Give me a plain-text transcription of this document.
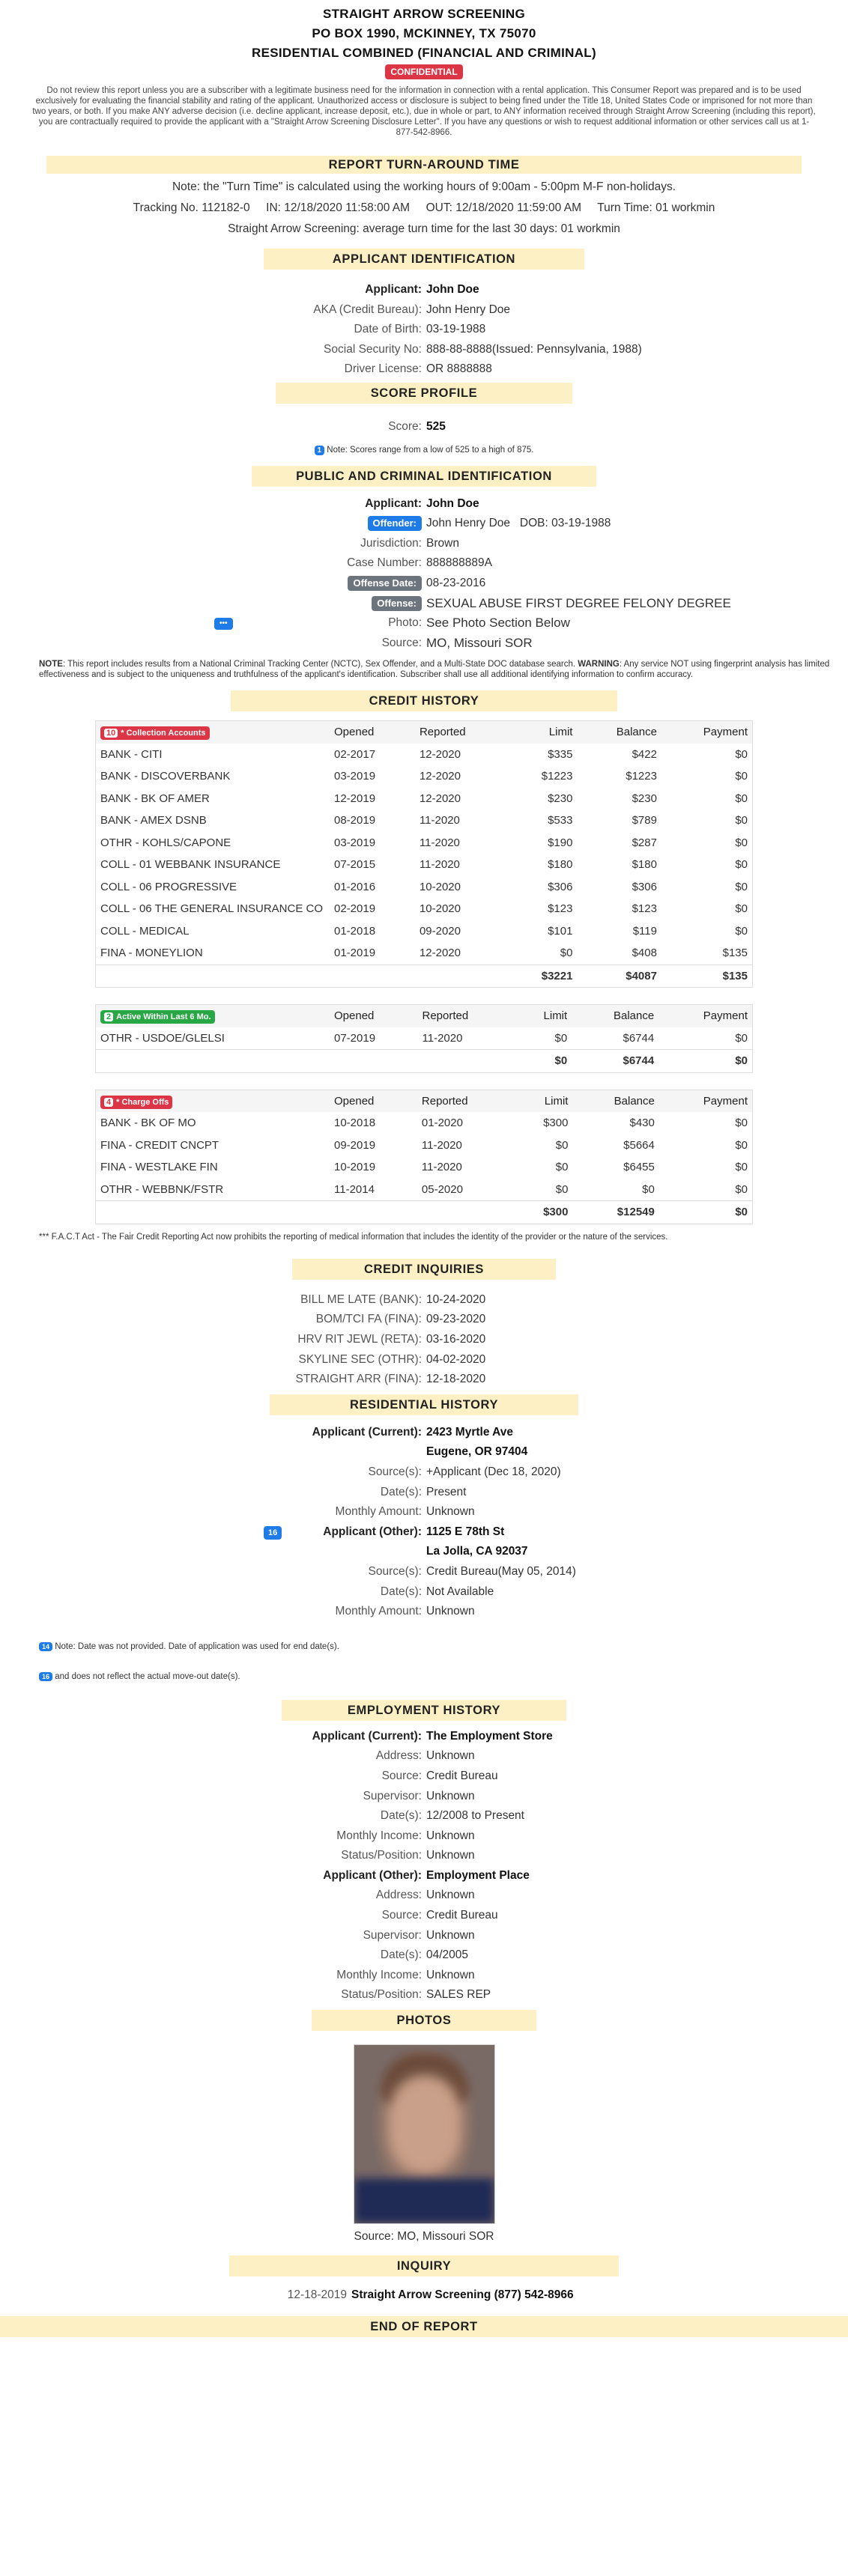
STRAIGHT ARROW SCREENING
PO BOX 1990, MCKINNEY, TX 75070
RESIDENTIAL COMBINED (FINANCIAL AND CRIMINAL)
CONFIDENTIAL
Do not review this report unless you are a subscriber with a legitimate business need for the information in connection with a rental application. This Consumer Report was prepared and is to be used exclusively for evaluating the financial stability and rating of the applicant. Unauthorized access or disclosure is subject to being fined under the Title 18, United States Code or imprisoned for not more than two years, or both. If you make ANY adverse decision (i.e. decline applicant, increase deposit, etc.), due in whole or part, to ANY information received through Straight Arrow Screening (including this report), you are contractually required to provide the applicant with a "Straight Arrow Screening Disclosure Letter". If you have any questions or wish to request additional information or other services call us at 1-877-542-8966.
REPORT TURN-AROUND TIME
Note: the "Turn Time" is calculated using the working hours of 9:00am - 5:00pm M-F non-holidays.
Tracking No. 112182-0 IN: 12/18/2020 11:58:00 AM OUT: 12/18/2020 11:59:00 AM Turn Time: 01 workmin
Straight Arrow Screening: average turn time for the last 30 days: 01 workmin
APPLICANT IDENTIFICATION
Applicant: John Doe
AKA (Credit Bureau): John Henry Doe
Date of Birth: 03-19-1988
Social Security No: 888-88-8888(Issued: Pennsylvania, 1988)
Driver License: OR 8888888
SCORE PROFILE
Score: 525
1 Note: Scores range from a low of 525 to a high of 875.
PUBLIC AND CRIMINAL IDENTIFICATION
Applicant: John Doe
Offender: John Henry Doe   DOB: 03-19-1988
Jurisdiction: Brown
Case Number: 888888889A
Offense Date: 08-23-2016
Offense: SEXUAL ABUSE FIRST DEGREE FELONY DEGREE
•••	Photo: See Photo Section Below
Source: MO, Missouri SOR
NOTE: This report includes results from a National Criminal Tracking Center (NCTC), Sex Offender, and a Multi-State DOC database search. WARNING: Any service NOT using fingerprint analysis has limited effectiveness and is subject to the uniqueness and truthfulness of the applicant's identification. Subscriber shall use all additional identifying information to confirm accuracy.
CREDIT HISTORY
10 * Collection Accounts	Opened	Reported	Limit	Balance	Payment
BANK - CITI	02-2017	12-2020	$335	$422	$0
BANK - DISCOVERBANK	03-2019	12-2020	$1223	$1223	$0
BANK - BK OF AMER	12-2019	12-2020	$230	$230	$0
BANK - AMEX DSNB	08-2019	11-2020	$533	$789	$0
OTHR - KOHLS/CAPONE	03-2019	11-2020	$190	$287	$0
COLL - 01 WEBBANK INSURANCE	07-2015	11-2020	$180	$180	$0
COLL - 06 PROGRESSIVE	01-2016	10-2020	$306	$306	$0
COLL - 06 THE GENERAL INSURANCE CO	02-2019	10-2020	$123	$123	$0
COLL - MEDICAL	01-2018	09-2020	$101	$119	$0
FINA - MONEYLION	01-2019	12-2020	$0	$408	$135
			$3221	$4087	$135
2 Active Within Last 6 Mo.	Opened	Reported	Limit	Balance	Payment
OTHR - USDOE/GLELSI	07-2019	11-2020	$0	$6744	$0
			$0	$6744	$0
4 * Charge Offs	Opened	Reported	Limit	Balance	Payment
BANK - BK OF MO	10-2018	01-2020	$300	$430	$0
FINA - CREDIT CNCPT	09-2019	11-2020	$0	$5664	$0
FINA - WESTLAKE FIN	10-2019	11-2020	$0	$6455	$0
OTHR - WEBBNK/FSTR	11-2014	05-2020	$0	$0	$0
			$300	$12549	$0
*** F.A.C.T Act - The Fair Credit Reporting Act now prohibits the reporting of medical information that includes the identity of the provider or the nature of the services.
CREDIT INQUIRIES
BILL ME LATE (BANK): 10-24-2020
BOM/TCI FA (FINA): 09-23-2020
HRV RIT JEWL (RETA): 03-16-2020
SKYLINE SEC (OTHR): 04-02-2020
STRAIGHT ARR (FINA): 12-18-2020
RESIDENTIAL HISTORY
16
Applicant (Current): 2423 Myrtle Ave
Eugene, OR 97404
Source(s): +Applicant (Dec 18, 2020)
Date(s): Present
Monthly Amount: Unknown
Applicant (Other): 1125 E 78th St
La Jolla, CA 92037
Source(s): Credit Bureau(May 05, 2014)
Date(s): Not Available
Monthly Amount: Unknown
14 Note: Date was not provided. Date of application was used for end date(s).
16 and does not reflect the actual move-out date(s).
EMPLOYMENT HISTORY
Applicant (Current): The Employment Store
Address: Unknown
Source: Credit Bureau
Supervisor: Unknown
Date(s): 12/2008 to Present
Monthly Income: Unknown
Status/Position: Unknown
Applicant (Other): Employment Place
Address: Unknown
Source: Credit Bureau
Supervisor: Unknown
Date(s): 04/2005
Monthly Income: Unknown
Status/Position: SALES REP
PHOTOS
Source: MO, Missouri SOR
INQUIRY
12-18-2019 Straight Arrow Screening (877) 542-8966
END OF REPORT
